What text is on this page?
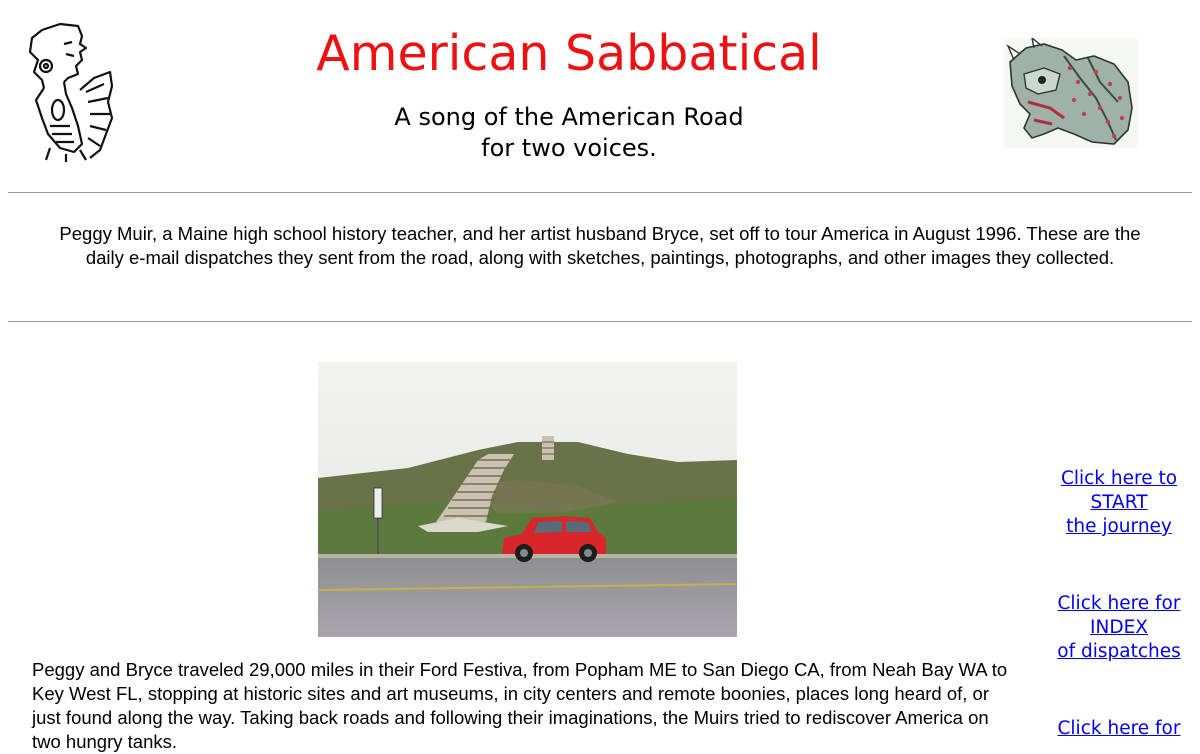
American Sabbatical
A song of the American Road
for two voices.
Peggy Muir, a Maine high school history teacher, and her artist husband Bryce, set off to tour America in August 1996. These are the daily e-mail dispatches they sent from the road, along with sketches, paintings, photographs, and other images they collected.
Peggy and Bryce traveled 29,000 miles in their Ford Festiva, from Popham ME to San Diego CA, from Neah Bay WA to Key West FL, stopping at historic sites and art museums, in city centers and remote boonies, places long heard of, or just found along the way. Taking back roads and following their imaginations, the Muirs tried to rediscover America on two hungry tanks.
Click here to
START
the journey
Click here for
INDEX
of dispatches
Click here for
